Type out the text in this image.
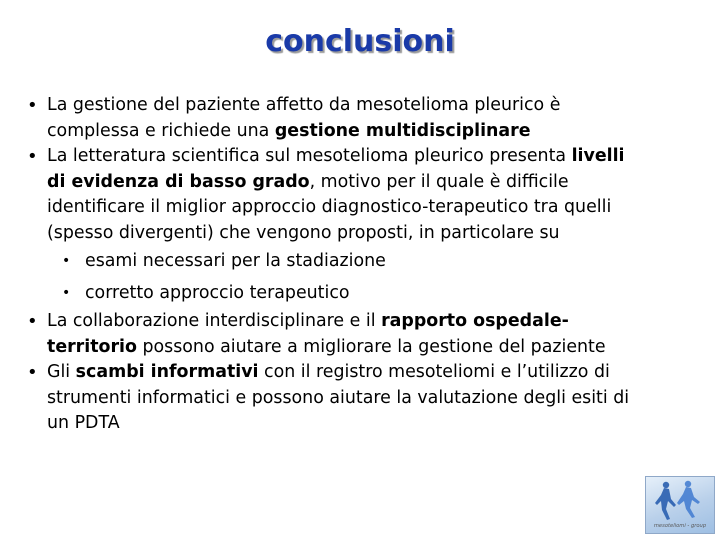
conclusioni
• La gestione del paziente affetto da mesotelioma pleurico è
complessa e richiede una gestione multidisciplinare
• La letteratura scientifica sul mesotelioma pleurico presenta livelli
di evidenza di basso grado, motivo per il quale è difficile
identificare il miglior approccio diagnostico-terapeutico tra quelli
(spesso divergenti) che vengono proposti, in particolare su
• esami necessari per la stadiazione
• corretto approccio terapeutico
• La collaborazione interdisciplinare e il rapporto ospedale-
territorio possono aiutare a migliorare la gestione del paziente
• Gli scambi informativi con il registro mesoteliomi e l’utilizzo di
strumenti informatici e possono aiutare la valutazione degli esiti di
un PDTA
mesoteliomi - group
